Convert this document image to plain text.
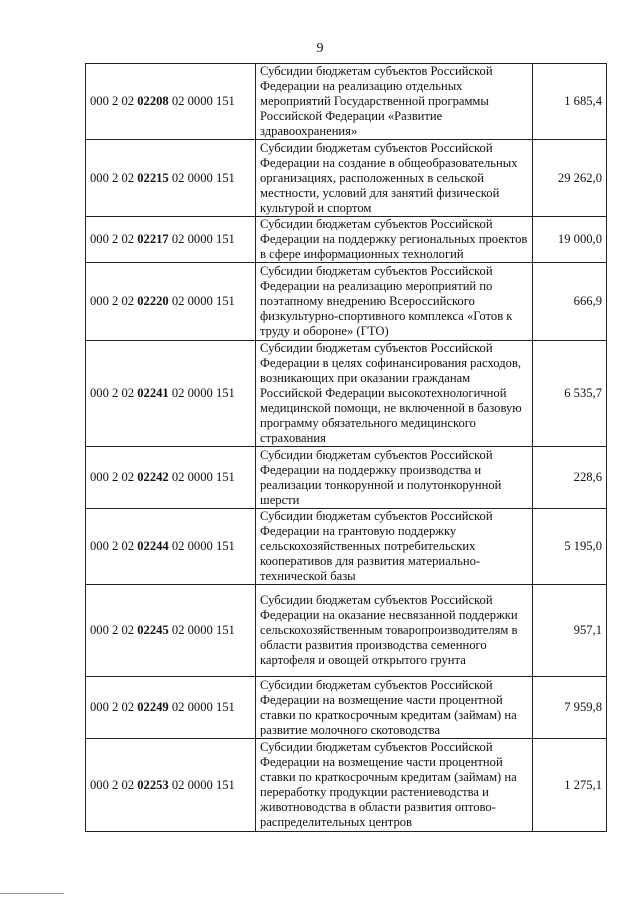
9
000 2 02 02208 02 0000 151	Субсидии бюджетам субъектов Российской Федерации на реализацию отдельных мероприятий Государственной программы Российской Федерации «Развитие здравоохранения»	1 685,4
000 2 02 02215 02 0000 151	Субсидии бюджетам субъектов Российской Федерации на создание в общеобразовательных организациях, расположенных в сельской местности, условий для занятий физической культурой и спортом	29 262,0
000 2 02 02217 02 0000 151	Субсидии бюджетам субъектов Российской Федерации на поддержку региональных проектов в сфере информационных технологий	19 000,0
000 2 02 02220 02 0000 151	Субсидии бюджетам субъектов Российской Федерации на реализацию мероприятий по поэтапному внедрению Всероссийского физкультурно-спортивного комплекса «Готов к труду и обороне» (ГТО)	666,9
000 2 02 02241 02 0000 151	Субсидии бюджетам субъектов Российской Федерации в целях софинансирования расходов, возникающих при оказании гражданам Российской Федерации высокотехнологичной медицинской помощи, не включенной в базовую программу обязательного медицинского страхования	6 535,7
000 2 02 02242 02 0000 151	Субсидии бюджетам субъектов Российской Федерации на поддержку производства и реализации тонкорунной и полутонкорунной шерсти	228,6
000 2 02 02244 02 0000 151	Субсидии бюджетам субъектов Российской Федерации на грантовую поддержку сельскохозяйственных потребительских кооперативов для развития материально-технической базы	5 195,0
000 2 02 02245 02 0000 151	Субсидии бюджетам субъектов Российской Федерации на оказание несвязанной поддержки сельскохозяйственным товаропроизводителям в области развития производства семенного картофеля и овощей открытого грунта	957,1
000 2 02 02249 02 0000 151	Субсидии бюджетам субъектов Российской Федерации на возмещение части процентной ставки по краткосрочным кредитам (займам) на развитие молочного скотоводства	7 959,8
000 2 02 02253 02 0000 151	Субсидии бюджетам субъектов Российской Федерации на возмещение части процентной ставки по краткосрочным кредитам (займам) на переработку продукции растениеводства и животноводства в области развития оптово-распределительных центров	1 275,1
